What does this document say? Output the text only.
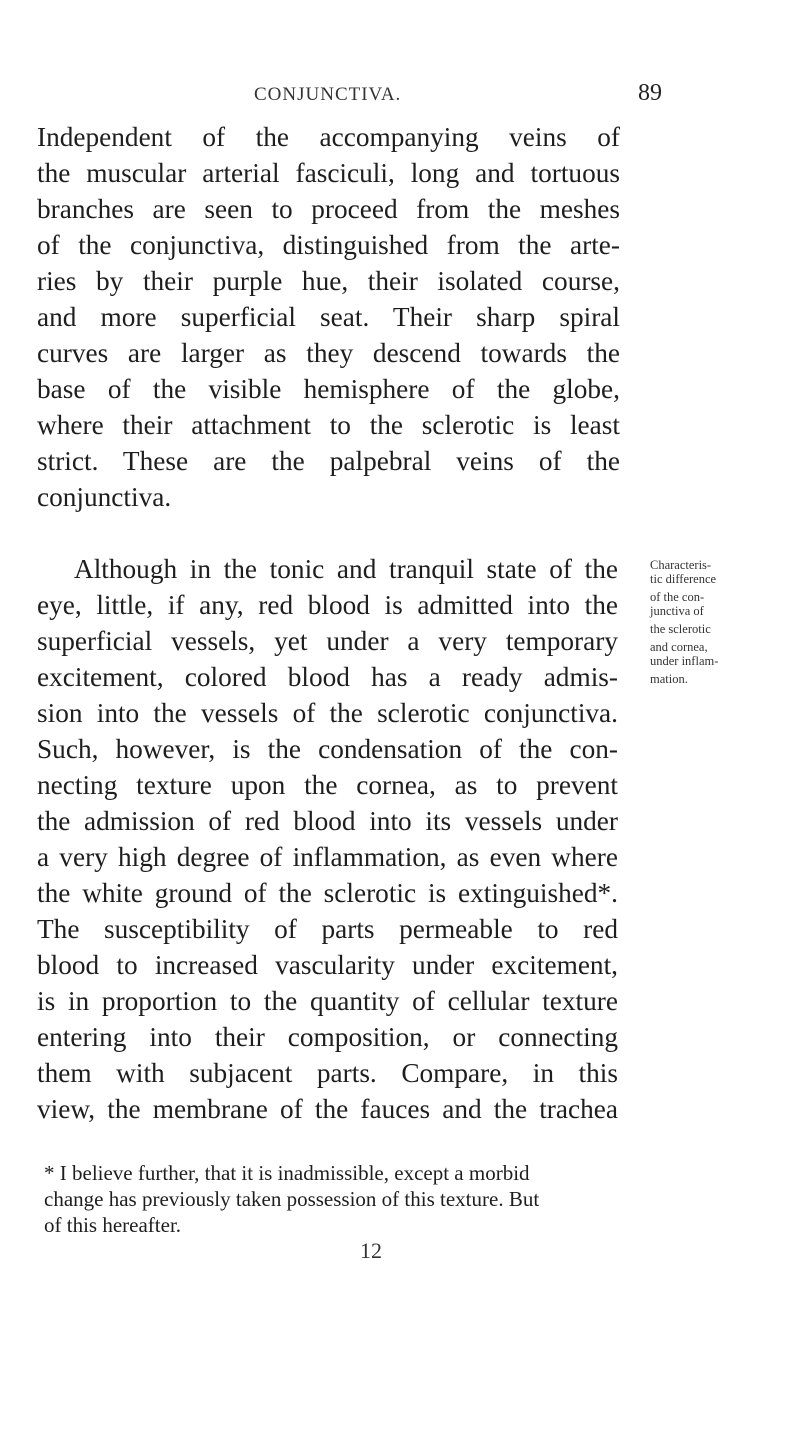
CONJUNCTIVA.	89
Independent of the accompanying veins of
the muscular arterial fasciculi, long and tortuous
branches are seen to proceed from the meshes
of the conjunctiva, distinguished from the arte-
ries by their purple hue, their isolated course,
and more superficial seat. Their sharp spiral
curves are larger as they descend towards the
base of the visible hemisphere of the globe,
where their attachment to the sclerotic is least
strict. These are the palpebral veins of the
conjunctiva.
Although in the tonic and tranquil state of the
eye, little, if any, red blood is admitted into the
superficial vessels, yet under a very temporary
excitement, colored blood has a ready admis-
sion into the vessels of the sclerotic conjunctiva.
Such, however, is the condensation of the con-
necting texture upon the cornea, as to prevent
the admission of red blood into its vessels under
a very high degree of inflammation, as even where
the white ground of the sclerotic is extinguished*.
The susceptibility of parts permeable to red
blood to increased vascularity under excitement,
is in proportion to the quantity of cellular texture
entering into their composition, or connecting
them with subjacent parts. Compare, in this
view, the membrane of the fauces and the trachea
Characteris-
tic difference
of the con-
junctiva of
the sclerotic
and cornea,
under inflam-
mation.
* I believe further, that it is inadmissible, except a morbid
change has previously taken possession of this texture. But
of this hereafter.
12
